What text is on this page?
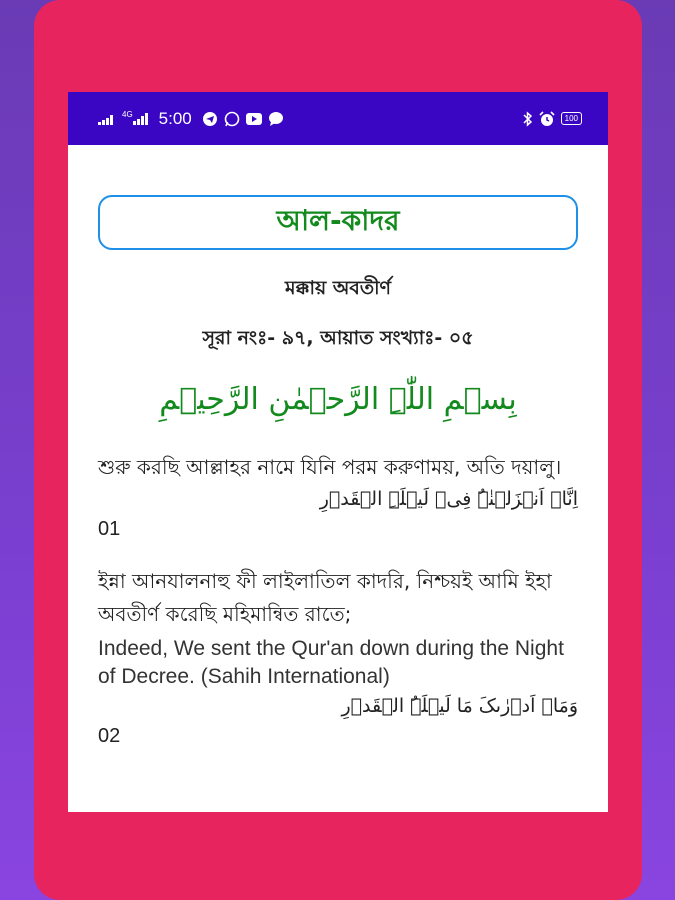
4G 5:00	100
আল-কাদর
মক্কায় অবতীর্ণ
সূরা নংঃ- ৯৭, আয়াত সংখ্যাঃ- ০৫
بِسۡمِ اللّٰہِ الرَّحۡمٰنِ الرَّحِیۡمِ
শুরু করছি আল্লাহর নামে যিনি পরম করুণাময়, অতি দয়ালু।
اِنَّاۤ اَنۡزَلۡنٰہُ فِیۡ لَیۡلَۃِ الۡقَدۡرِ
01
ইন্না আনযালনাহু ফী লাইলাতিল কাদরি, নিশ্চয়ই আমি ইহা অবতীর্ণ করেছি মহিমান্বিত রাতে;
Indeed, We sent the Qur'an down during the Night of Decree. (Sahih International)
وَمَاۤ اَدۡرٰىکَ مَا لَیۡلَۃُ الۡقَدۡرِ
02
